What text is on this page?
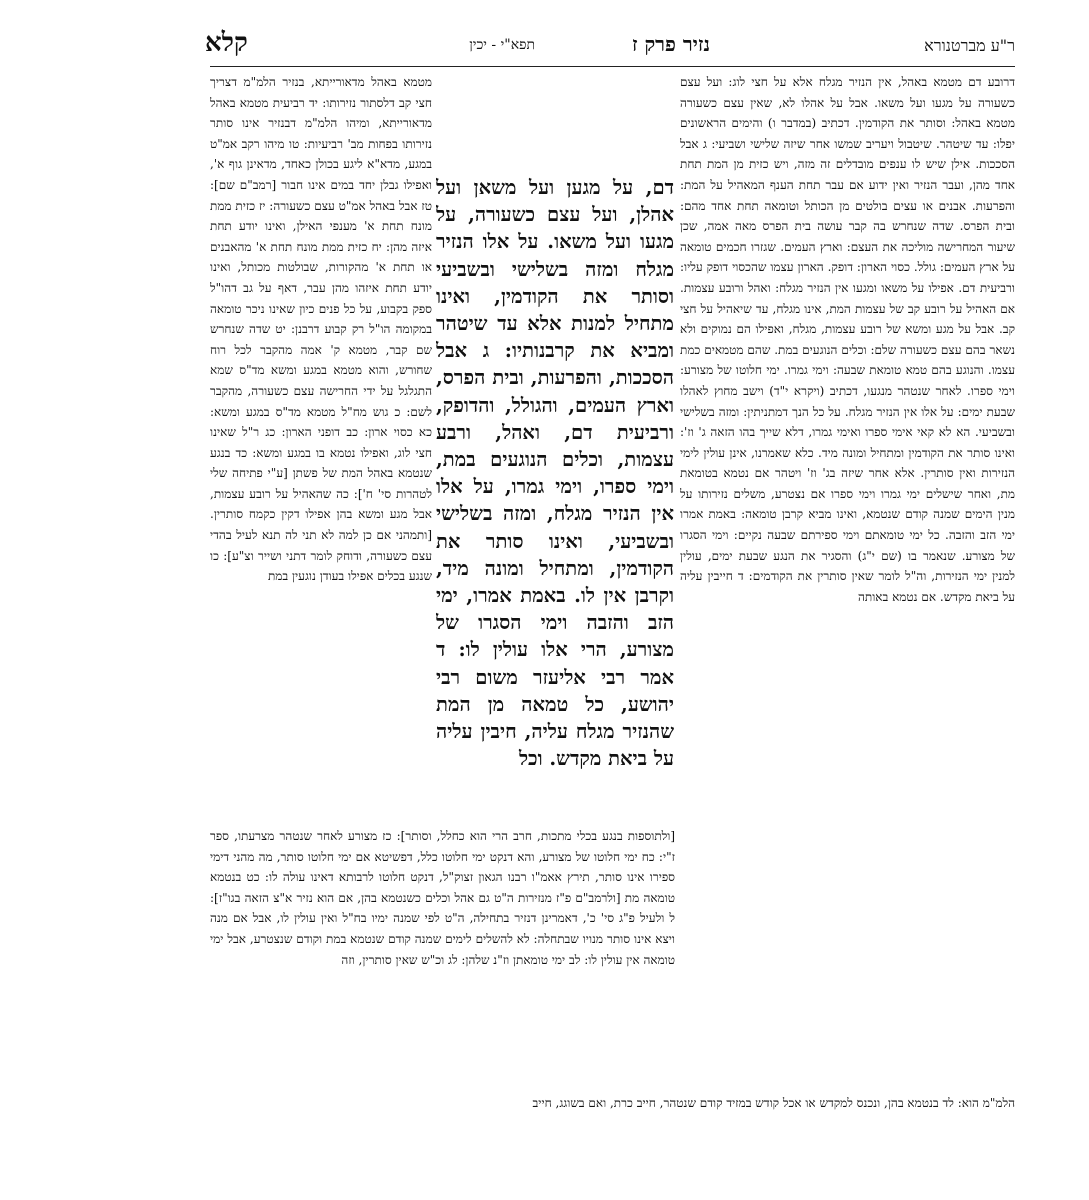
ר"ע מברטנורא
נזיר פרק ז
תפא"י - יכין
קלא

דרובע דם מטמא באהל, אין הנזיר מגלח אלא על חצי לוג: ועל עצם כשעורה על מגעו ועל משאו. אבל על אהלו לא, שאין עצם כשעורה מטמא באהל: וסותר את הקודמין. דכתיב (במדבר ו) והימים הראשונים יפלו: עד שיטהר. שיטבול ויעריב שמשו אחר שיזה שלישי ושביעי: ג אבל הסככות. אילן שיש לו ענפים מובדלים זה מזה, ויש כזית מן המת תחת אחד מהן, ועבר הנזיר ואין ידוע אם עבר תחת הענף המאהיל על המת: והפרעות. אבנים או עצים בולטים מן הכותל וטומאה תחת אחד מהם: ובית הפרס. שדה שנחרש בה קבר עושה בית הפרס מאה אמה, שכן שיעור המחרישה מוליכה את העצם: וארץ העמים. שגזרו חכמים טומאה על ארץ העמים: גולל. כסוי הארון: דופק. הארון עצמו שהכסוי דופק עליו: ורביעית דם. אפילו על משאו ומגעו אין הנזיר מגלח: ואהל ורובע עצמות. אם האהיל על רובע קב של עצמות המת, אינו מגלח, עד שיאהיל על חצי קב. אבל על מגע ומשא של רובע עצמות, מגלח, ואפילו הם נמוקים ולא נשאר בהם עצם כשעורה שלם: וכלים הנוגעים במת. שהם מטמאים כמת עצמו. והנוגע בהם טמא טומאת שבעה: וימי גמרו. ימי חלוטו של מצורע: וימי ספרו. לאחר שנטהר מנגעו, דכתיב (ויקרא י"ד) וישב מחוץ לאהלו שבעת ימים: על אלו אין הנזיר מגלח. על כל הנך דמתניתין: ומזה בשלישי ובשביעי. הא לא קאי אימי ספרו ואימי גמרו, דלא שייך בהו הזאה ג' וז': ואינו סותר את הקודמין ומתחיל ומונה מיד. כלא שאמרנו, אינן עולין לימי הנזירות ואין סותרין. אלא אחר שיזה בג' וז' ויטהר אם נטמא בטומאת מת, ואחר שישלים ימי גמרו וימי ספרו אם נצטרע, משלים נזירותו על מנין הימים שמנה קודם שנטמא, ואינו מביא קרבן טומאה: באמת אמרו ימי הזב והזבה. כל ימי טומאתם וימי ספירתם שבעה נקיים: וימי הסגרו של מצורע. שנאמר בו (שם י"ג) והסגיר את הנגע שבעת ימים, עולין למנין ימי הנזירות, וה"ל לומר שאין סותרין את הקודמים: ד חייבין עליה על ביאת מקדש. אם נטמא באותה

דם, על מגען ועל משאן ועל אהלן, ועל עצם כשעורה, על מגעו ועל משאו. על אלו הנזיר מגלח ומזה בשלישי ובשביעי וסותר את הקודמין, ואינו מתחיל למנות אלא עד שיטהר ומביא את קרבנותיו: ג אבל הסככות, והפרעות, ובית הפרס, וארץ העמים, והגולל, והדופק, ורביעית דם, ואהל, ורבע עצמות, וכלים הנוגעים במת, וימי ספרו, וימי גמרו, על אלו אין הנזיר מגלח, ומזה בשלישי ובשביעי, ואינו סותר את הקודמין, ומתחיל ומונה מיד, וקרבן אין לו. באמת אמרו, ימי הזב והזבה וימי הסגרו של מצורע, הרי אלו עולין לו: ד אמר רבי אליעזר משום רבי יהושע, כל טמאה מן המת שהנזיר מגלח עליה, חיבין עליה על ביאת מקדש. וכל

מטמא באהל מדאורייתא, בנזיר הלמ"מ דצריך חצי קב דלסתור נזירותו: יד רביעית מטמא באהל מדאורייתא, ומיהו הלמ"מ דבנזיר אינו סותר נזירותו בפחות מב' רביעיות: טו מיהו רקב אמ"ט במגע, מדא"א ליגע בכולן כאחד, מדאינן גוף א', ואפילו גבלן יחד במים אינו חבור [רמב"ם שם]: טז אבל באהל אמ"ט עצם כשעורה: יז כזית ממת מונח תחת א' מענפי האילן, ואינו יודע תחת איזה מהן: יח כזית ממת מונח תחת א' מהאבנים או תחת א' מהקורות, שבולטות מכותל, ואינו יודע תחת איזהו מהן עבר, דאף על גב דהו"ל ספק בקבוע, על כל פנים כיון שאינו ניכר טומאה במקומה הו"ל רק קבוע דרבנן: יט שדה שנחרש שם קבר, מטמא ק' אמה מהקבר לכל רוח שחורש, והוא מטמא במגע ומשא מד"ס שמא התגלגל על ידי החרישה עצם כשעורה, מהקבר לשם: כ גוש מח"ל מטמא מד"ס במגע ומשא: כא כסוי ארון: כב דופני הארון: כג ר"ל שאינו חצי לוג, ואפילו נטמא בו במגע ומשא: כד בנגע שנטמא באהל המת של פשתן [ע"י פתיחה שלי לטהרות סי' ח']: כה שהאהיל על רובע עצמות, אבל מגע ומשא בהן אפילו דקין כקמח סותרין. [ותמהני אם כן למה לא תני לה תנא לעיל בהדי עצם כשעורה, ודוחק לומר דתני ושייר וצ"ע]: כו שנגע בכלים אפילו בעודן נוגעין במת

[ולתוספות בנגע בכלי מתכות, חרב הרי הוא כחלל, וסותר]: כז מצורע לאחר שנטהר מצרעתו, ספר ז"י: כח ימי חלוטו של מצורע, והא דנקט ימי חלוטו כלל, דפשיטא אם ימי חלוטו סותר, מה מהני דימי ספירו אינו סותר, תירץ אאמ"ו רבנו הגאון זצוק"ל, דנקט חלוטו לרבותא דאינו עולה לו: כט בנטמא טומאה מת [ולרמב"ם פ"ז מנזירות ה"ט גם אהל וכלים כשנטמא בהן, אם הוא נזיר א"צ הזאה בגו"ז]: ל ולעיל פ"ג סי' כ', דאמרינן דנזיר בתחילה, ה"ט לפי שמנה ימיו בח"ל ואין עולין לו, אבל אם מנה ויצא אינו סותר מנויו שבתחלה: לא להשלים לימים שמנה קודם שנטמא במת וקודם שנצטרע, אבל ימי טומאה אין עולין לו: לב ימי טומאתן וז"נ שלהן: לג וכ"ש שאין סותרין, וזה

הלמ"מ הוא: לד בנטמא בהן, ונכנס למקדש או אכל קודש במזיד קודם שנטהר, חייב כרת, ואם בשוגג, חייב
